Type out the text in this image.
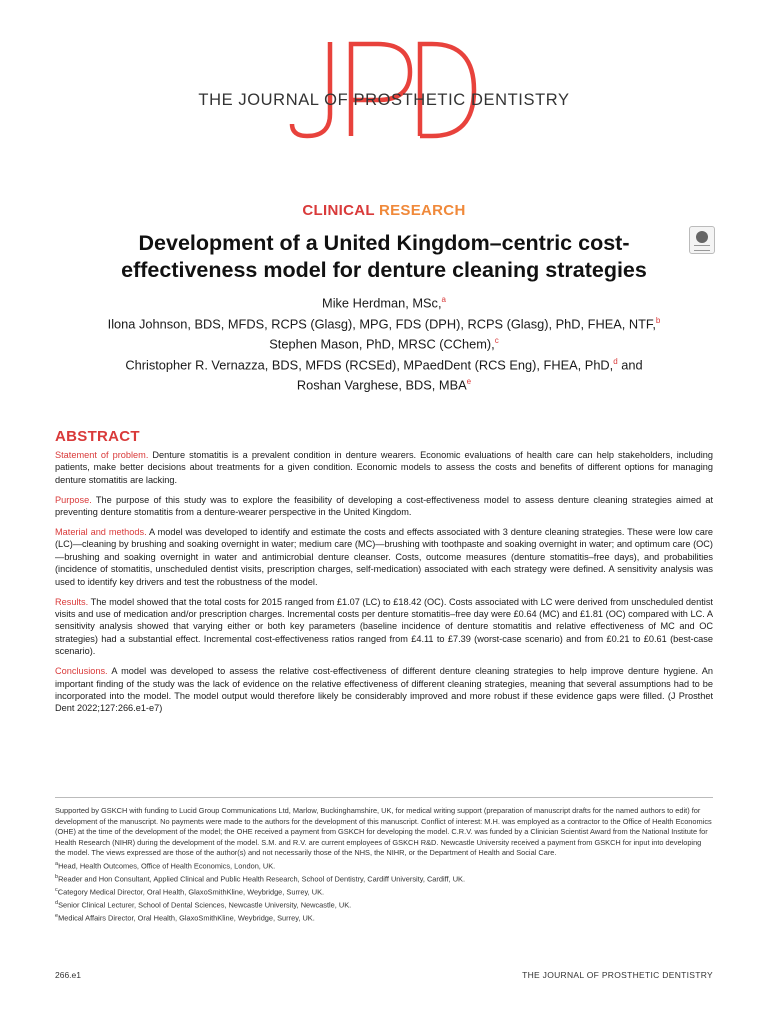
THE JOURNAL OF PROSTHETIC DENTISTRY
CLINICAL RESEARCH
Development of a United Kingdom–centric cost-effectiveness model for denture cleaning strategies
Mike Herdman, MSc,$^a$
Ilona Johnson, BDS, MFDS, RCPS (Glasg), MPG, FDS (DPH), RCPS (Glasg), PhD, FHEA, NTF,$^b$
Stephen Mason, PhD, MRSC (CChem),$^c$
Christopher R. Vernazza, BDS, MFDS (RCSEd), MPaedDent (RCS Eng), FHEA, PhD,$^d$ and
Roshan Varghese, BDS, MBA$^e$
ABSTRACT

Statement of problem. Denture stomatitis is a prevalent condition in denture wearers. Economic evaluations of health care can help stakeholders, including patients, make better decisions about treatments for a given condition. Economic models to assess the costs and benefits of different options for managing denture stomatitis are lacking.

Purpose. The purpose of this study was to explore the feasibility of developing a cost-effectiveness model to assess denture cleaning strategies aimed at preventing denture stomatitis from a denture-wearer perspective in the United Kingdom.

Material and methods. A model was developed to identify and estimate the costs and effects associated with 3 denture cleaning strategies. These were low care (LC)—cleaning by brushing and soaking overnight in water; medium care (MC)—brushing with toothpaste and soaking overnight in water; and optimum care (OC)—brushing and soaking overnight in water and antimicrobial denture cleanser. Costs, outcome measures (denture stomatitis–free days), and probabilities (incidence of stomatitis, unscheduled dentist visits, prescription charges, self-medication) associated with each strategy were defined. A sensitivity analysis was used to identify key drivers and test the robustness of the model.

Results. The model showed that the total costs for 2015 ranged from £1.07 (LC) to £18.42 (OC). Costs associated with LC were derived from unscheduled dentist visits and use of medication and/or prescription charges. Incremental costs per denture stomatitis–free day were £0.64 (MC) and £1.81 (OC) compared with LC. A sensitivity analysis showed that varying either or both key parameters (baseline incidence of denture stomatitis and relative effectiveness of MC and OC strategies) had a substantial effect. Incremental cost-effectiveness ratios ranged from £4.11 to £7.39 (worst-case scenario) and from £0.21 to £0.61 (best-case scenario).

Conclusions. A model was developed to assess the relative cost-effectiveness of different denture cleaning strategies to help improve denture hygiene. An important finding of the study was the lack of evidence on the relative effectiveness of different cleaning strategies, meaning that several assumptions had to be incorporated into the model. The model output would therefore likely be considerably improved and more robust if these evidence gaps were filled. (J Prosthet Dent 2022;127:266.e1-e7)

Supported by GSKCH with funding to Lucid Group Communications Ltd, Marlow, Buckinghamshire, UK, for medical writing support (preparation of manuscript drafts for the named authors to edit) for development of the manuscript. No payments were made to the authors for the development of this manuscript. Conflict of interest: M.H. was employed as a contractor to the Office of Health Economics (OHE) at the time of the development of the model; the OHE received a payment from GSKCH for developing the model. C.R.V. was funded by a Clinician Scientist Award from the National Institute for Health Research (NIHR) during the development of the model. S.M. and R.V. are current employees of GSKCH R&D. Newcastle University received a payment from GSKCH for input into developing the model. The views expressed are those of the author(s) and not necessarily those of the NHS, the NIHR, or the Department of Health and Social Care.

$^a$Head, Health Outcomes, Office of Health Economics, London, UK.

$^b$Reader and Hon Consultant, Applied Clinical and Public Health Research, School of Dentistry, Cardiff University, Cardiff, UK.

$^c$Category Medical Director, Oral Health, GlaxoSmithKline, Weybridge, Surrey, UK.

$^d$Senior Clinical Lecturer, School of Dental Sciences, Newcastle University, Newcastle, UK.

$^e$Medical Affairs Director, Oral Health, GlaxoSmithKline, Weybridge, Surrey, UK.

266.e1	THE JOURNAL OF PROSTHETIC DENTISTRY
